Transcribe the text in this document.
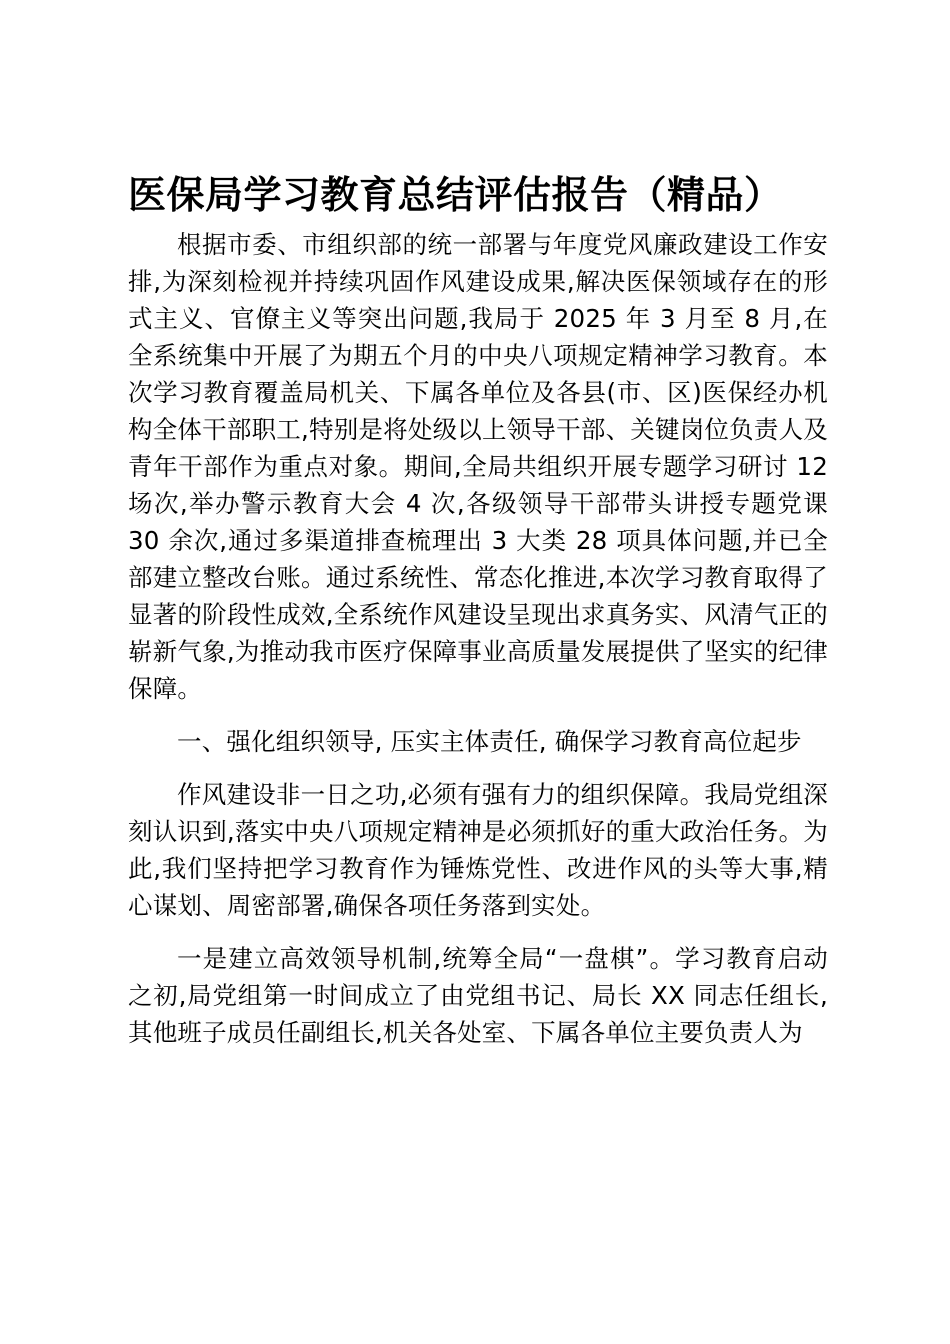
医保局学习教育总结评估报告（精品）

根据市委、市组织部的统一部署与年度党风廉政建设工作安排,为深刻检视并持续巩固作风建设成果,解决医保领域存在的形式主义、官僚主义等突出问题,我局于 2025 年 3 月至 8 月,在全系统集中开展了为期五个月的中央八项规定精神学习教育。本次学习教育覆盖局机关、下属各单位及各县(市、区)医保经办机构全体干部职工,特别是将处级以上领导干部、关键岗位负责人及青年干部作为重点对象。期间,全局共组织开展专题学习研讨 12 场次,举办警示教育大会 4 次,各级领导干部带头讲授专题党课 30 余次,通过多渠道排查梳理出 3 大类 28 项具体问题,并已全部建立整改台账。通过系统性、常态化推进,本次学习教育取得了显著的阶段性成效,全系统作风建设呈现出求真务实、风清气正的崭新气象,为推动我市医疗保障事业高质量发展提供了坚实的纪律保障。

一、强化组织领导, 压实主体责任, 确保学习教育高位起步

作风建设非一日之功,必须有强有力的组织保障。我局党组深刻认识到,落实中央八项规定精神是必须抓好的重大政治任务。为此,我们坚持把学习教育作为锤炼党性、改进作风的头等大事,精心谋划、周密部署,确保各项任务落到实处。

一是建立高效领导机制,统筹全局“一盘棋”。学习教育启动之初,局党组第一时间成立了由党组书记、局长 XX 同志任组长,其他班子成员任副组长,机关各处室、下属各单位主要负责人为
